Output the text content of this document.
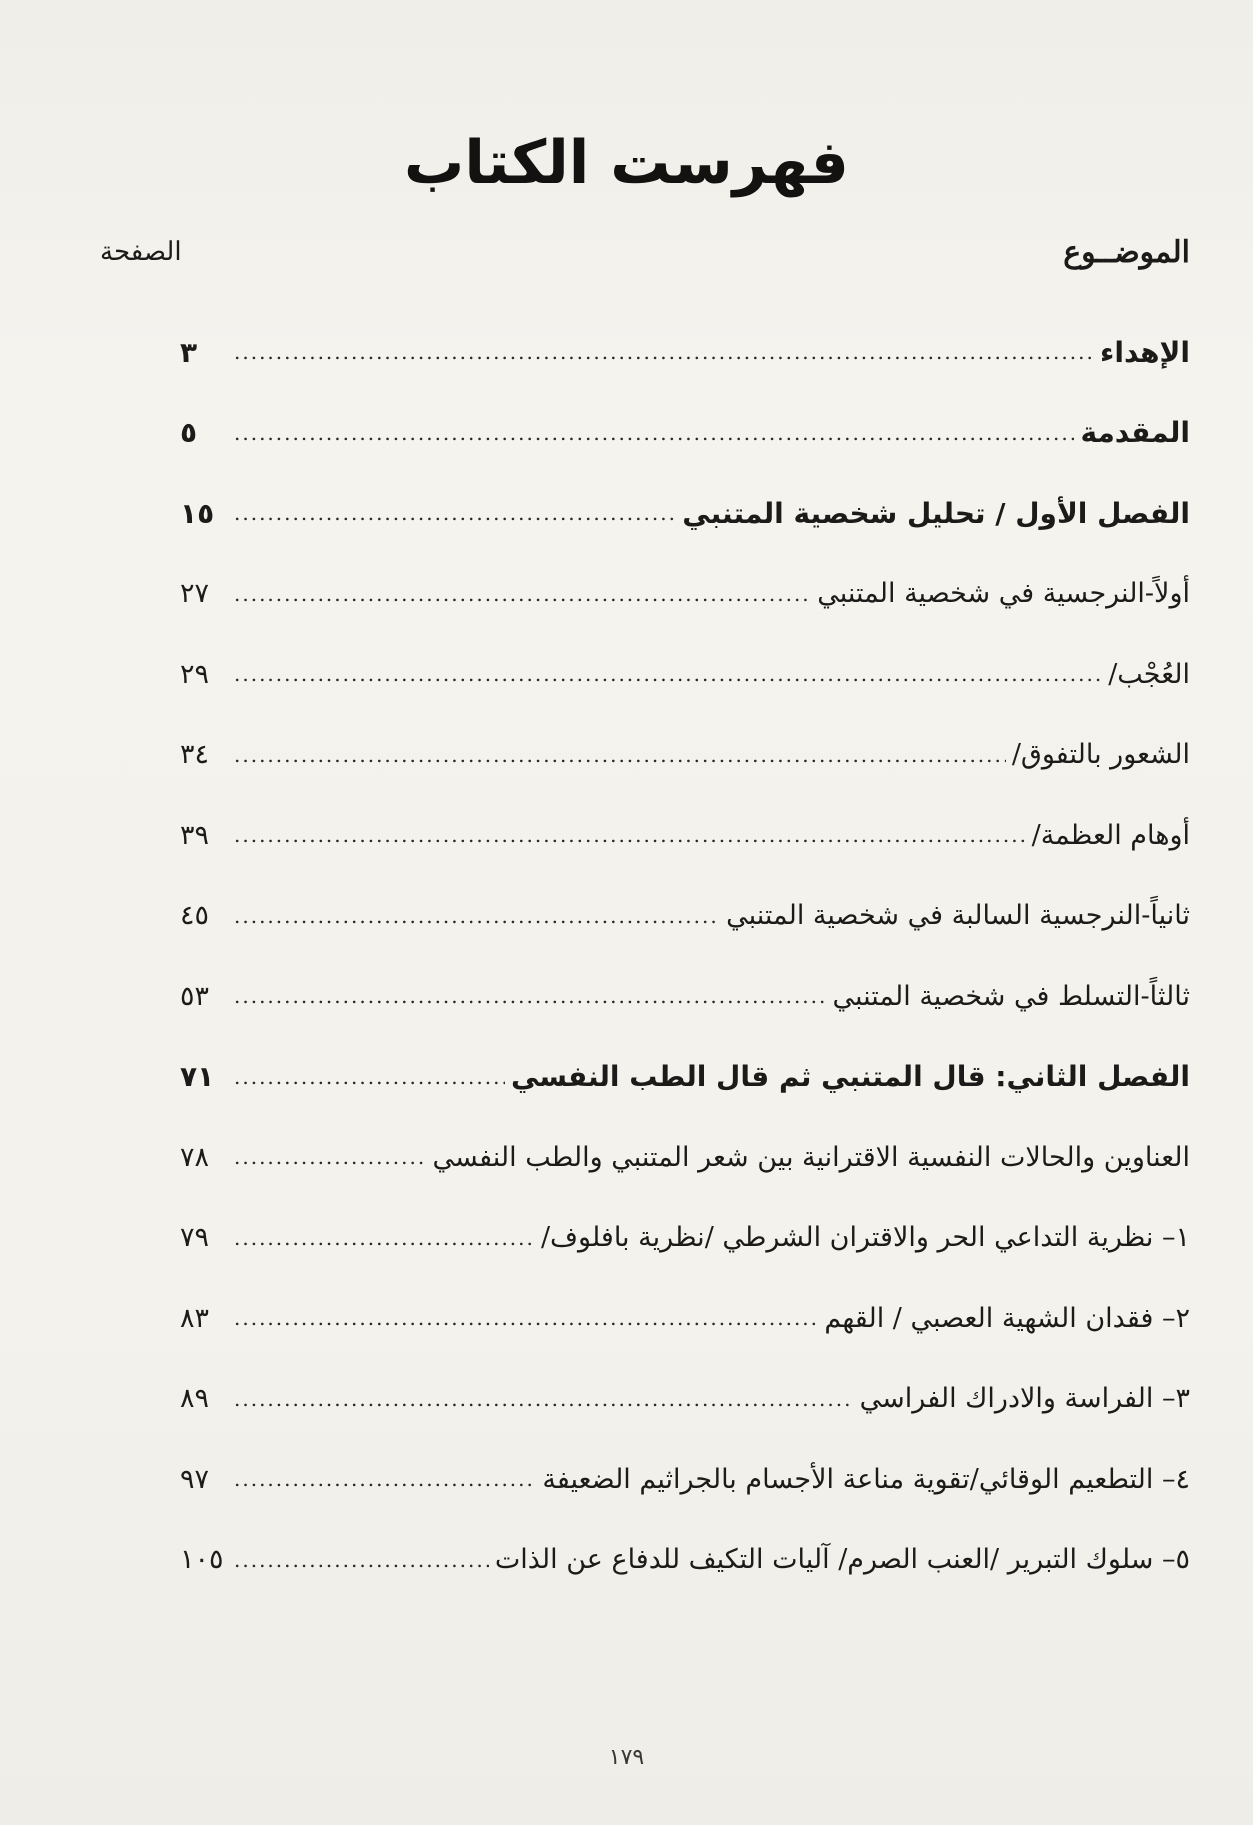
فهرست الكتاب
الموضــوع
الصفحة
الإهداء
.....
٣
المقدمة
.....
٥
الفصل الأول / تحليل شخصية المتنبي
.....
١٥
أولاً-النرجسية في شخصية المتنبي
.....
٢٧
العُجْب/
.....
٢٩
الشعور بالتفوق/
.....
٣٤
أوهام العظمة/
.....
٣٩
ثانياً-النرجسية السالبة في شخصية المتنبي
.....
٤٥
ثالثاً-التسلط في شخصية المتنبي
.....
٥٣
الفصل الثاني: قال المتنبي ثم قال الطب النفسي
.....
٧١
العناوين والحالات النفسية الاقترانية بين شعر المتنبي والطب النفسي
.....
٧٨
١– نظرية التداعي الحر والاقتران الشرطي /نظرية بافلوف/
.....
٧٩
٢– فقدان الشهية العصبي / القهم
.....
٨٣
٣– الفراسة والادراك الفراسي
.....
٨٩
٤– التطعيم الوقائي/تقوية مناعة الأجسام بالجراثيم الضعيفة
.....
٩٧
٥– سلوك التبرير /العنب الصرم/ آليات التكيف للدفاع عن الذات
.....
١٠٥
١٧٩
